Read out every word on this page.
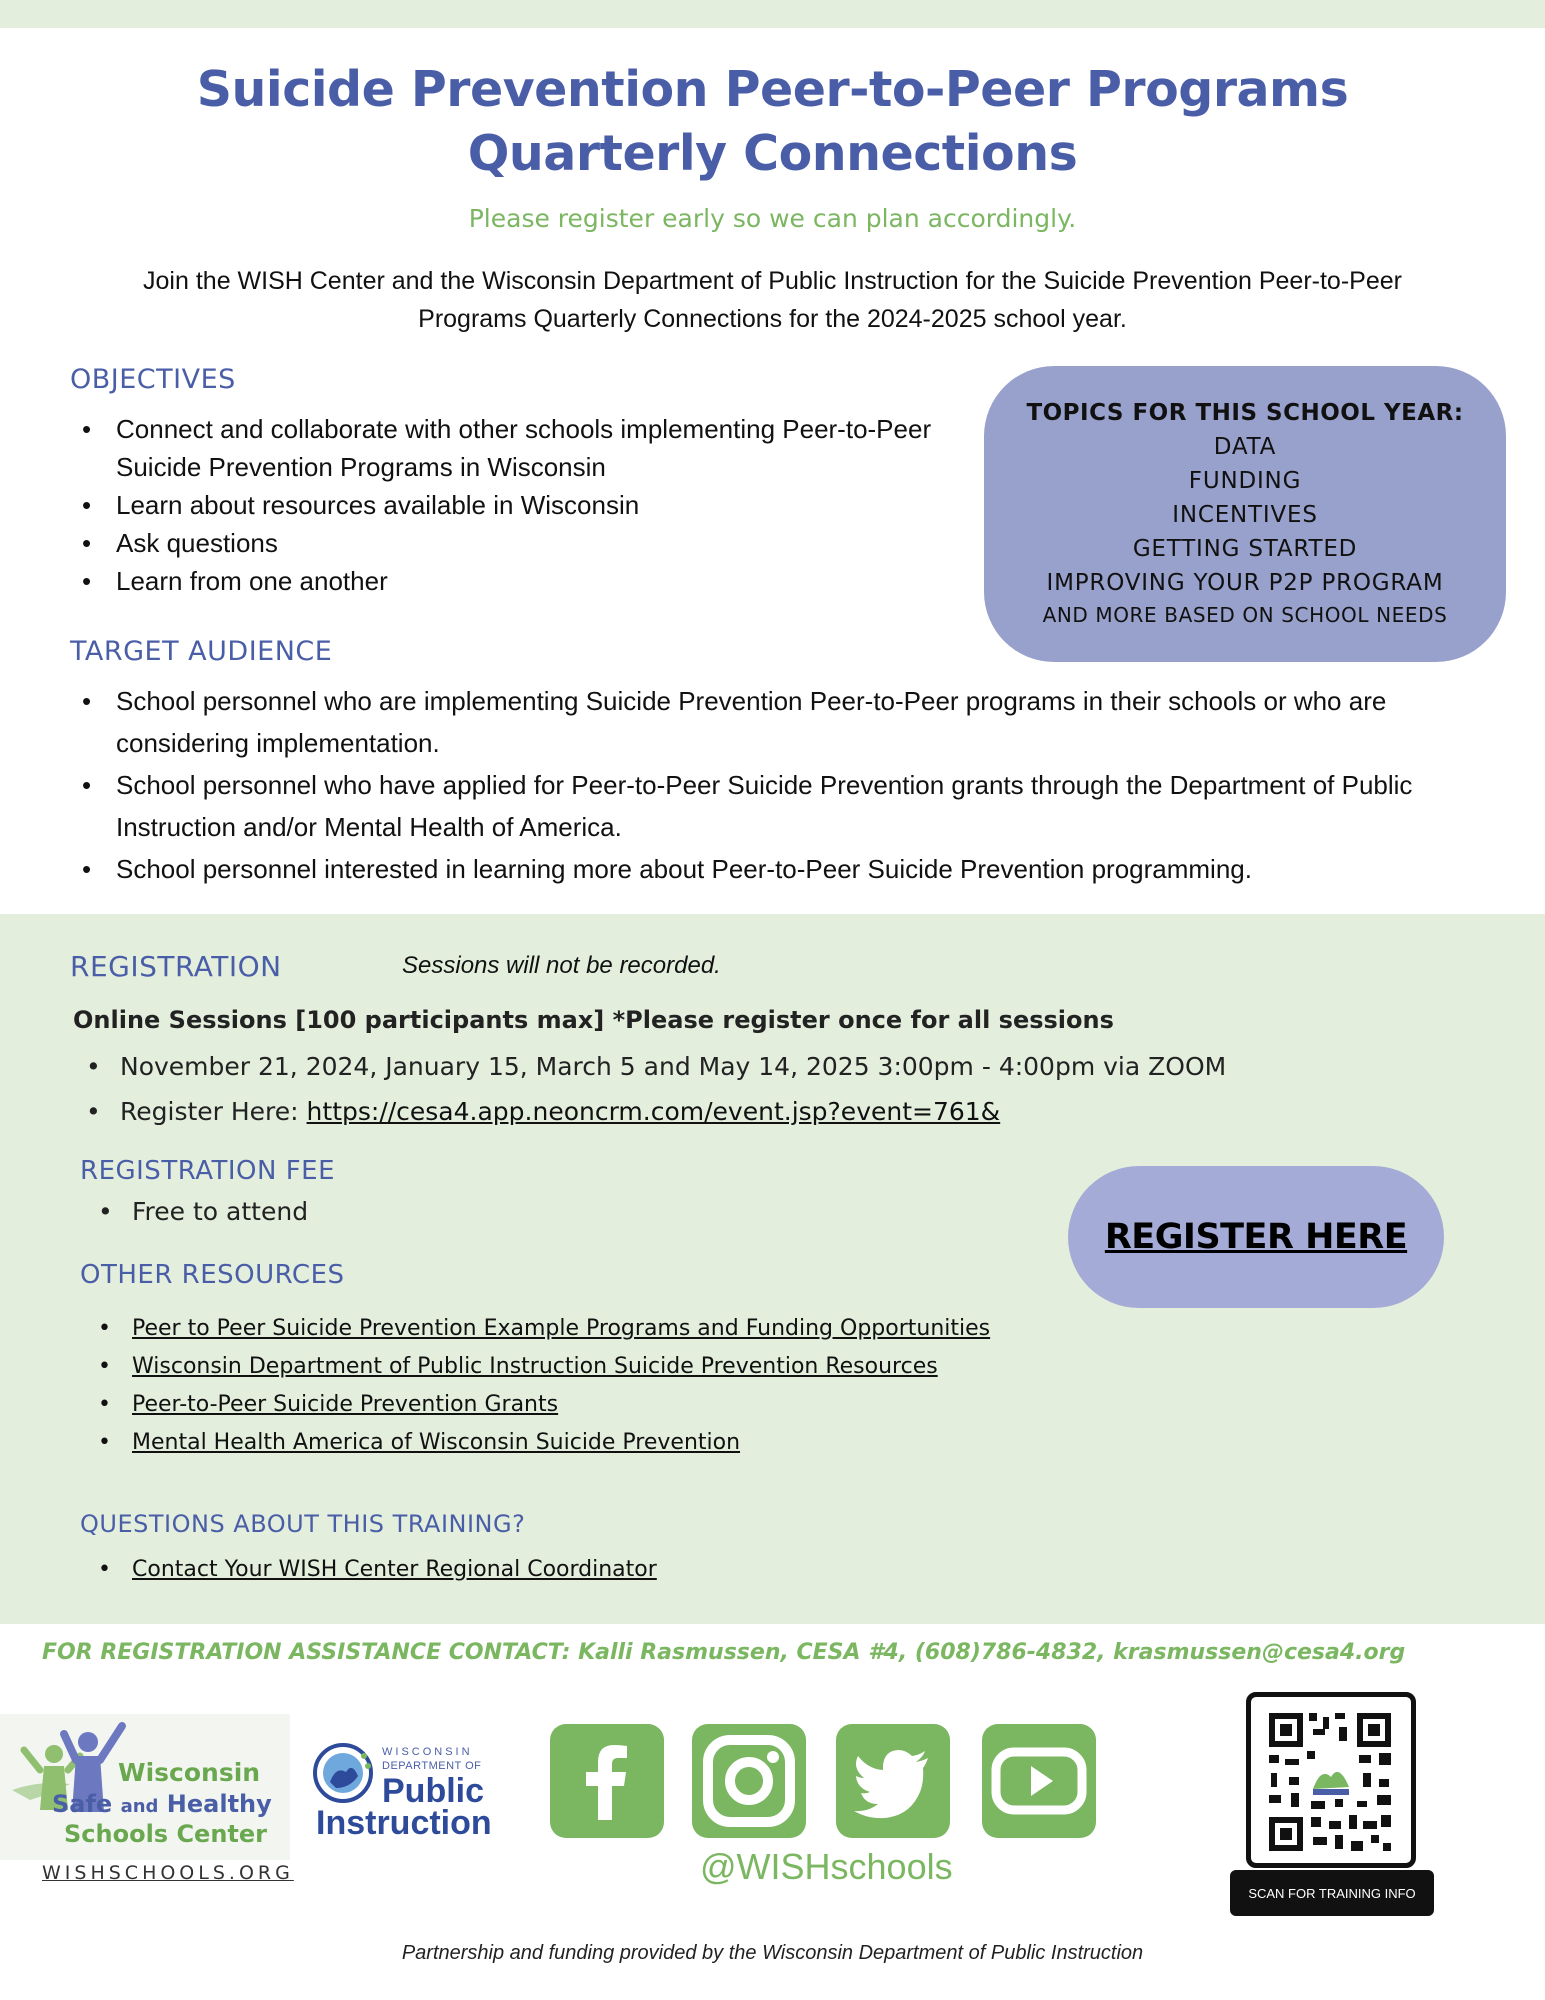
Suicide Prevention Peer-to-Peer Programs
Quarterly Connections
Please register early so we can plan accordingly.

Join the WISH Center and the Wisconsin Department of Public Instruction for the Suicide Prevention Peer-to-Peer Programs Quarterly Connections for the 2024-2025 school year.

OBJECTIVES
• Connect and collaborate with other schools implementing Peer-to-Peer Suicide Prevention Programs in Wisconsin
• Learn about resources available in Wisconsin
• Ask questions
• Learn from one another
TOPICS FOR THIS SCHOOL YEAR:
DATA
FUNDING
INCENTIVES
GETTING STARTED
IMPROVING YOUR P2P PROGRAM
AND MORE BASED ON SCHOOL NEEDS
TARGET AUDIENCE
• School personnel who are implementing Suicide Prevention Peer-to-Peer programs in their schools or who are considering implementation.
• School personnel who have applied for Peer-to-Peer Suicide Prevention grants through the Department of Public Instruction and/or Mental Health of America.
• School personnel interested in learning more about Peer-to-Peer Suicide Prevention programming.
REGISTRATION	Sessions will not be recorded.
Online Sessions [100 participants max] *Please register once for all sessions
• November 21, 2024, January 15, March 5 and May 14, 2025 3:00pm - 4:00pm via ZOOM
• Register Here: https://cesa4.app.neoncrm.com/event.jsp?event=761&
REGISTRATION FEE
• Free to attend
REGISTER HERE
OTHER RESOURCES
• Peer to Peer Suicide Prevention Example Programs and Funding Opportunities
• Wisconsin Department of Public Instruction Suicide Prevention Resources
• Peer-to-Peer Suicide Prevention Grants
• Mental Health America of Wisconsin Suicide Prevention
QUESTIONS ABOUT THIS TRAINING?
• Contact Your WISH Center Regional Coordinator
FOR REGISTRATION ASSISTANCE CONTACT: Kalli Rasmussen, CESA #4, (608)786-4832, krasmussen@cesa4.org
Wisconsin
Safe and Healthy
Schools Center
WISHSCHOOLS.ORG
WISCONSIN
DEPARTMENT OF
Public
Instruction
@WISHschools
SCAN FOR TRAINING INFO
Partnership and funding provided by the Wisconsin Department of Public Instruction
